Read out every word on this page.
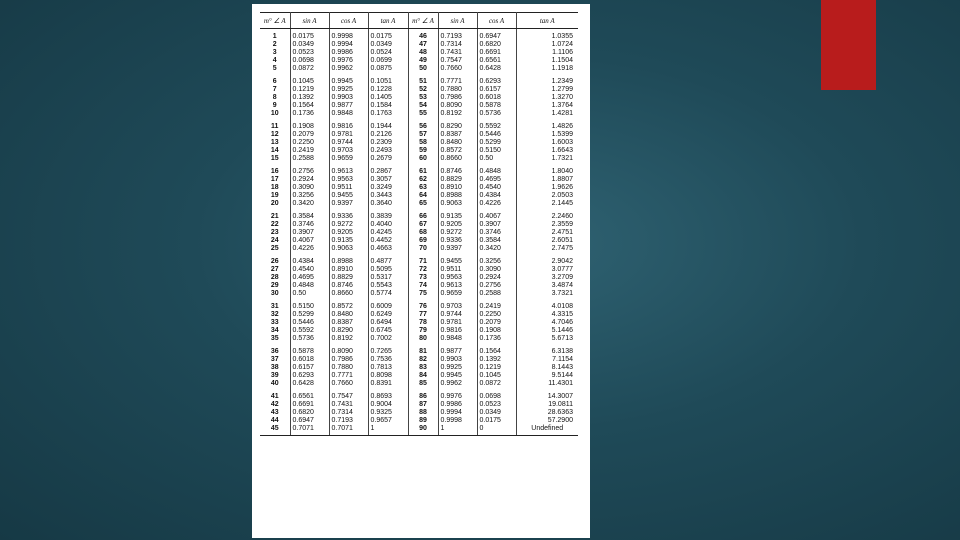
m° ∠ A	sin A	cos A	tan A	m° ∠ A	sin A	cos A	tan A
1	0.0175	0.9998	0.0175	46	0.7193	0.6947	1.0355
2	0.0349	0.9994	0.0349	47	0.7314	0.6820	1.0724
3	0.0523	0.9986	0.0524	48	0.7431	0.6691	1.1106
4	0.0698	0.9976	0.0699	49	0.7547	0.6561	1.1504
5	0.0872	0.9962	0.0875	50	0.7660	0.6428	1.1918
6	0.1045	0.9945	0.1051	51	0.7771	0.6293	1.2349
7	0.1219	0.9925	0.1228	52	0.7880	0.6157	1.2799
8	0.1392	0.9903	0.1405	53	0.7986	0.6018	1.3270
9	0.1564	0.9877	0.1584	54	0.8090	0.5878	1.3764
10	0.1736	0.9848	0.1763	55	0.8192	0.5736	1.4281
11	0.1908	0.9816	0.1944	56	0.8290	0.5592	1.4826
12	0.2079	0.9781	0.2126	57	0.8387	0.5446	1.5399
13	0.2250	0.9744	0.2309	58	0.8480	0.5299	1.6003
14	0.2419	0.9703	0.2493	59	0.8572	0.5150	1.6643
15	0.2588	0.9659	0.2679	60	0.8660	0.50	1.7321
16	0.2756	0.9613	0.2867	61	0.8746	0.4848	1.8040
17	0.2924	0.9563	0.3057	62	0.8829	0.4695	1.8807
18	0.3090	0.9511	0.3249	63	0.8910	0.4540	1.9626
19	0.3256	0.9455	0.3443	64	0.8988	0.4384	2.0503
20	0.3420	0.9397	0.3640	65	0.9063	0.4226	2.1445
21	0.3584	0.9336	0.3839	66	0.9135	0.4067	2.2460
22	0.3746	0.9272	0.4040	67	0.9205	0.3907	2.3559
23	0.3907	0.9205	0.4245	68	0.9272	0.3746	2.4751
24	0.4067	0.9135	0.4452	69	0.9336	0.3584	2.6051
25	0.4226	0.9063	0.4663	70	0.9397	0.3420	2.7475
26	0.4384	0.8988	0.4877	71	0.9455	0.3256	2.9042
27	0.4540	0.8910	0.5095	72	0.9511	0.3090	3.0777
28	0.4695	0.8829	0.5317	73	0.9563	0.2924	3.2709
29	0.4848	0.8746	0.5543	74	0.9613	0.2756	3.4874
30	0.50	0.8660	0.5774	75	0.9659	0.2588	3.7321
31	0.5150	0.8572	0.6009	76	0.9703	0.2419	4.0108
32	0.5299	0.8480	0.6249	77	0.9744	0.2250	4.3315
33	0.5446	0.8387	0.6494	78	0.9781	0.2079	4.7046
34	0.5592	0.8290	0.6745	79	0.9816	0.1908	5.1446
35	0.5736	0.8192	0.7002	80	0.9848	0.1736	5.6713
36	0.5878	0.8090	0.7265	81	0.9877	0.1564	6.3138
37	0.6018	0.7986	0.7536	82	0.9903	0.1392	7.1154
38	0.6157	0.7880	0.7813	83	0.9925	0.1219	8.1443
39	0.6293	0.7771	0.8098	84	0.9945	0.1045	9.5144
40	0.6428	0.7660	0.8391	85	0.9962	0.0872	11.4301
41	0.6561	0.7547	0.8693	86	0.9976	0.0698	14.3007
42	0.6691	0.7431	0.9004	87	0.9986	0.0523	19.0811
43	0.6820	0.7314	0.9325	88	0.9994	0.0349	28.6363
44	0.6947	0.7193	0.9657	89	0.9998	0.0175	57.2900
45	0.7071	0.7071	1	90	1	0	Undefined
